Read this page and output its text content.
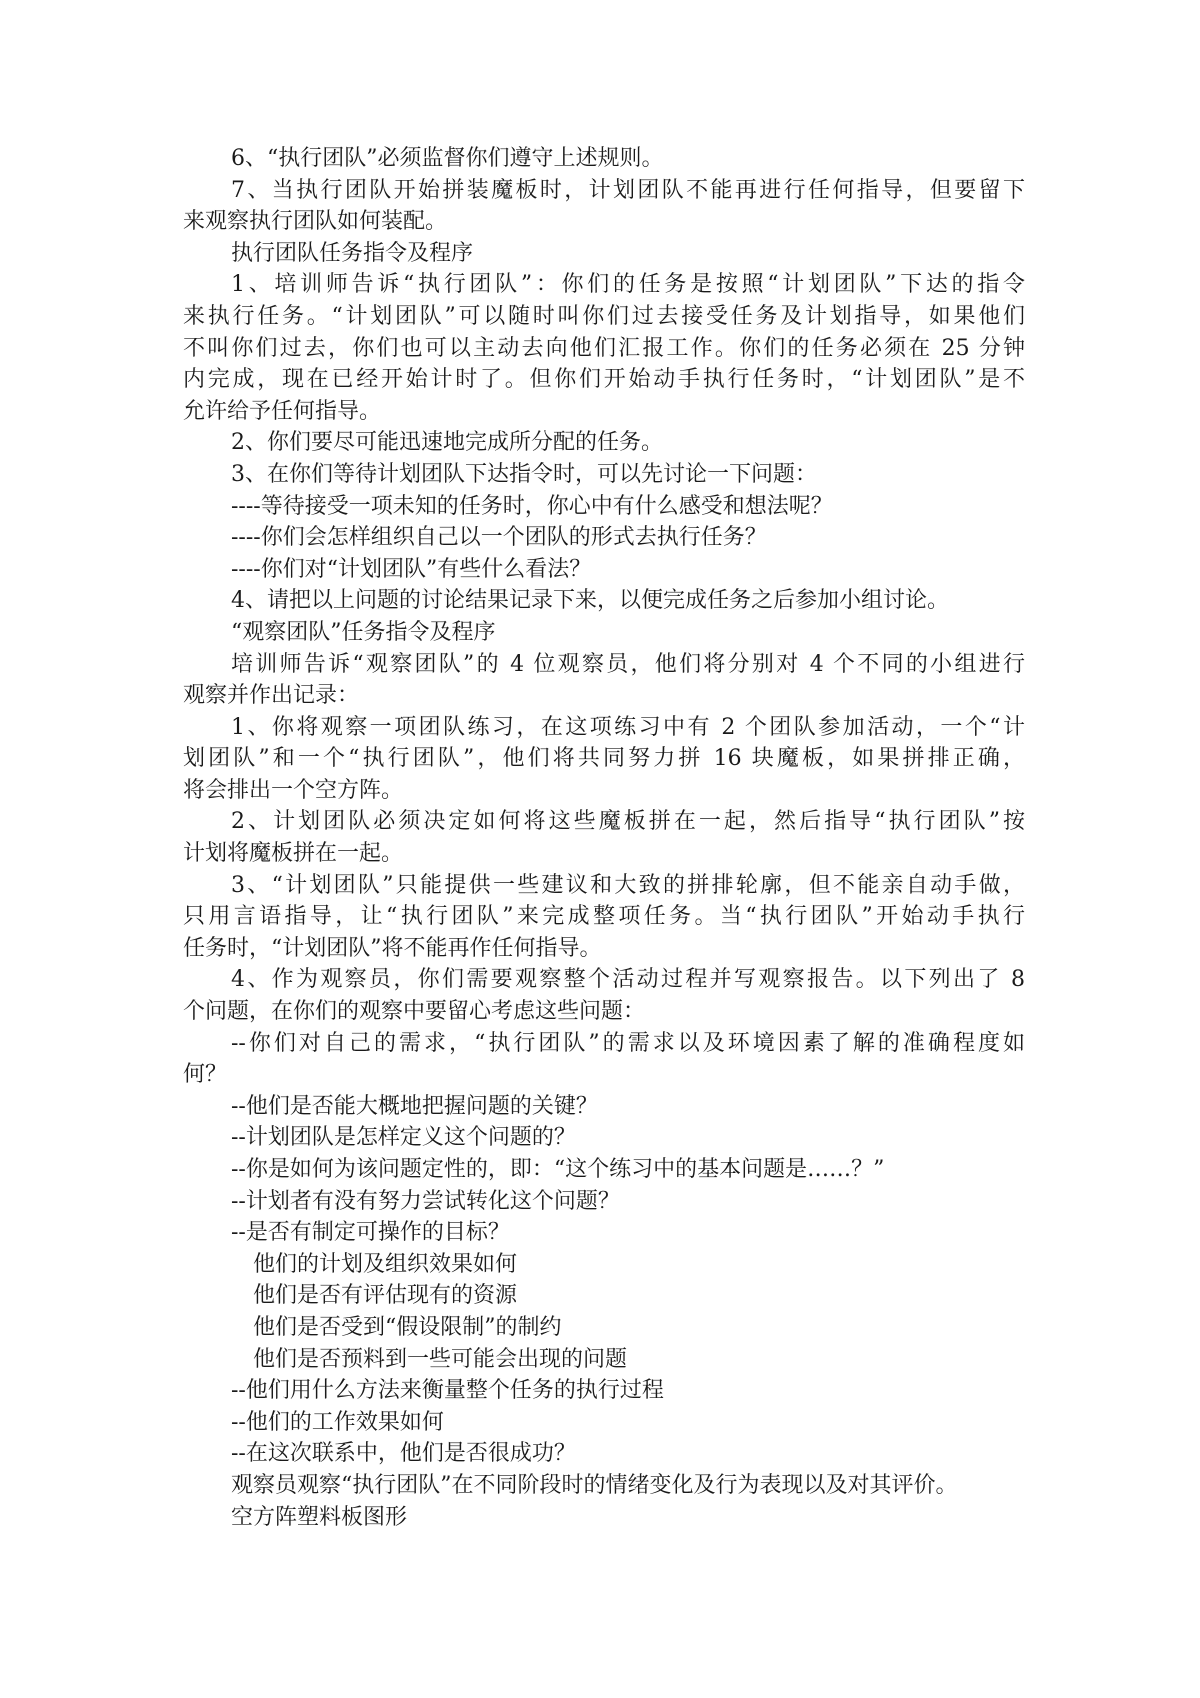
6、“执行团队”必须监督你们遵守上述规则。

7、当执行团队开始拼装魔板时，计划团队不能再进行任何指导，但要留下

来观察执行团队如何装配。

执行团队任务指令及程序

1、培训师告诉“执行团队”：你们的任务是按照“计划团队”下达的指令

来执行任务。“计划团队”可以随时叫你们过去接受任务及计划指导，如果他们

不叫你们过去，你们也可以主动去向他们汇报工作。你们的任务必须在 25 分钟

内完成，现在已经开始计时了。但你们开始动手执行任务时，“计划团队”是不

允许给予任何指导。

2、你们要尽可能迅速地完成所分配的任务。

3、在你们等待计划团队下达指令时，可以先讨论一下问题：

----等待接受一项未知的任务时，你心中有什么感受和想法呢？

----你们会怎样组织自己以一个团队的形式去执行任务？

----你们对“计划团队”有些什么看法？

4、请把以上问题的讨论结果记录下来，以便完成任务之后参加小组讨论。

“观察团队”任务指令及程序

培训师告诉“观察团队”的 4 位观察员，他们将分别对 4 个不同的小组进行

观察并作出记录：

1、你将观察一项团队练习，在这项练习中有 2 个团队参加活动，一个“计

划团队”和一个“执行团队”，他们将共同努力拼 16 块魔板，如果拼排正确，

将会排出一个空方阵。

2、计划团队必须决定如何将这些魔板拼在一起，然后指导“执行团队”按

计划将魔板拼在一起。

3、“计划团队”只能提供一些建议和大致的拼排轮廓，但不能亲自动手做，

只用言语指导，让“执行团队”来完成整项任务。当“执行团队”开始动手执行

任务时，“计划团队”将不能再作任何指导。

4、作为观察员，你们需要观察整个活动过程并写观察报告。以下列出了 8

个问题，在你们的观察中要留心考虑这些问题：

--你们对自己的需求，“执行团队”的需求以及环境因素了解的准确程度如

何？

--他们是否能大概地把握问题的关键？

--计划团队是怎样定义这个问题的？

--你是如何为该问题定性的，即：“这个练习中的基本问题是……？”

--计划者有没有努力尝试转化这个问题？

--是否有制定可操作的目标？

他们的计划及组织效果如何

他们是否有评估现有的资源

他们是否受到“假设限制”的制约

他们是否预料到一些可能会出现的问题

--他们用什么方法来衡量整个任务的执行过程

--他们的工作效果如何

--在这次联系中，他们是否很成功？

观察员观察“执行团队”在不同阶段时的情绪变化及行为表现以及对其评价。

空方阵塑料板图形
